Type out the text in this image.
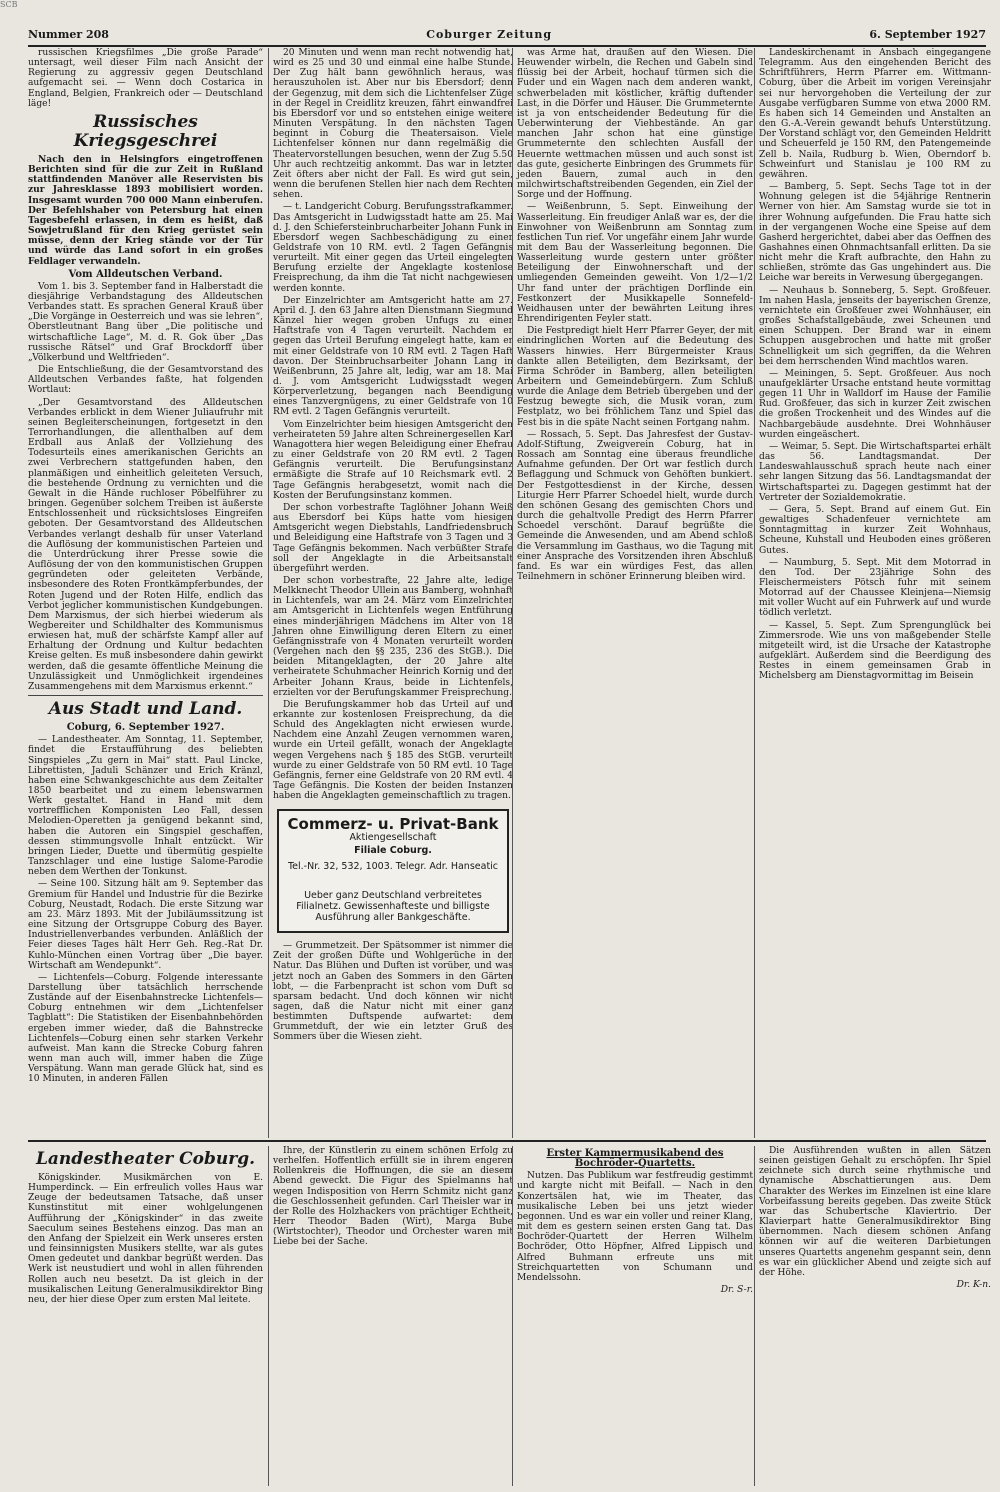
SCB
Nummer 208	Coburger Zeitung	6. September 1927

russischen Kriegsfilmes „Die große Parade“ untersagt, weil dieser Film nach Ansicht der Regierung zu aggressiv gegen Deutschland aufgemacht sei. — Wenn doch Costarica in England, Belgien, Frankreich oder — Deutschland läge!

Russisches Kriegsgeschrei

Nach den in Helsingfors eingetroffenen Berichten sind für die zur Zeit in Rußland stattfindenden Manöver alle Reservisten bis zur Jahresklasse 1893 mobilisiert worden. Insgesamt wurden 700 000 Mann einberufen. Der Befehlshaber von Petersburg hat einen Tagesbefehl erlassen, in dem es heißt, daß Sowjetrußland für den Krieg gerüstet sein müsse, denn der Krieg stände vor der Tür und würde das Land sofort in ein großes Feldlager verwandeln.

Vom Alldeutschen Verband.

Vom 1. bis 3. September fand in Halberstadt die diesjährige Verbandstagung des Alldeutschen Verbandes statt. Es sprachen General Krauß über „Die Vorgänge in Oesterreich und was sie lehren“, Oberstleutnant Bang über „Die politische und wirtschaftliche Lage“, M. d. R. Gok über „Das russische Rätsel“ und Graf Brockdorff über „Völkerbund und Weltfrieden“.

Die Entschließung, die der Gesamtvorstand des Alldeutschen Verbandes faßte, hat folgenden Wortlaut:

„Der Gesamtvorstand des Alldeutschen Verbandes erblickt in dem Wiener Juliaufruhr mit seinen Begleiterscheinungen, fortgesetzt in den Terrorhandlungen, die allenthalben auf dem Erdball aus Anlaß der Vollziehung des Todesurteils eines amerikanischen Gerichts an zwei Verbrechern stattgefunden haben, den planmäßigen und einheitlich geleiteten Versuch, die bestehende Ordnung zu vernichten und die Gewalt in die Hände ruchloser Pöbelführer zu bringen. Gegenüber solchem Treiben ist äußerste Entschlossenheit und rücksichtsloses Eingreifen geboten. Der Gesamtvorstand des Alldeutschen Verbandes verlangt deshalb für unser Vaterland die Auflösung der kommunistischen Parteien und die Unterdrückung ihrer Presse sowie die Auflösung der von den kommunistischen Gruppen gegründeten oder geleiteten Verbände, insbesondere des Roten Frontkämpferbundes, der Roten Jugend und der Roten Hilfe, endlich das Verbot jeglicher kommunistischen Kundgebungen. Dem Marxismus, der sich hierbei wiederum als Wegbereiter und Schildhalter des Kommunismus erwiesen hat, muß der schärfste Kampf aller auf Erhaltung der Ordnung und Kultur bedachten Kreise gelten. Es muß insbesondere dahin gewirkt werden, daß die gesamte öffentliche Meinung die Unzulässigkeit und Unmöglichkeit irgendeines Zusammengehens mit dem Marxismus erkennt.“

Aus Stadt und Land.
Coburg, 6. September 1927.

— Landestheater. Am Sonntag, 11. September, findet die Erstaufführung des beliebten Singspieles „Zu gern in Mai“ statt. Paul Lincke, Librettisten, Jaduli Schänzer und Erich Kränzl, haben eine Schwankgeschichte aus dem Zeitalter 1850 bearbeitet und zu einem lebenswarmen Werk gestaltet. Hand in Hand mit dem vortrefflichen Komponisten Leo Fall, dessen Melodien-Operetten ja genügend bekannt sind, haben die Autoren ein Singspiel geschaffen, dessen stimmungsvolle Inhalt entzückt. Wir bringen Lieder, Duette und übermütig gespielte Tanzschlager und eine lustige Salome-Parodie neben dem Werthen der Tonkunst.

— Seine 100. Sitzung hält am 9. September das Gremium für Handel und Industrie für die Bezirke Coburg, Neustadt, Rodach. Die erste Sitzung war am 23. März 1893. Mit der Jubiläumssitzung ist eine Sitzung der Ortsgruppe Coburg des Bayer. Industriellenverbandes verbunden. Anläßlich der Feier dieses Tages hält Herr Geh. Reg.-Rat Dr. Kuhlo-München einen Vortrag über „Die bayer. Wirtschaft am Wendepunkt“.

— Lichtenfels—Coburg. Folgende interessante Darstellung über tatsächlich herrschende Zustände auf der Eisenbahnstrecke Lichtenfels—Coburg entnehmen wir dem „Lichtenfelser Tagblatt“: Die Statistiken der Eisenbahnbehörden ergeben immer wieder, daß die Bahnstrecke Lichtenfels—Coburg einen sehr starken Verkehr aufweist. Man kann die Strecke Coburg fahren wenn man auch will, immer haben die Züge Verspätung. Wann man gerade Glück hat, sind es 10 Minuten, in anderen Fällen

20 Minuten und wenn man recht notwendig hat, wird es 25 und 30 und einmal eine halbe Stunde. Der Zug hält bann gewöhnlich heraus, was herauszuholen ist. Aber nur bis Ebersdorf; denn der Gegenzug, mit dem sich die Lichtenfelser Züge in der Regel in Creidlitz kreuzen, fährt einwandfrei bis Ebersdorf vor und so entstehen einige weitere Minuten Verspätung. In den nächsten Tagen beginnt in Coburg die Theatersaison. Viele Lichtenfelser können nur dann regelmäßig die Theatervorstellungen besuchen, wenn der Zug 5.50 Uhr auch rechtzeitig ankommt. Das war in letzter Zeit öfters aber nicht der Fall. Es wird gut sein, wenn die berufenen Stellen hier nach dem Rechten sehen.

— t. Landgericht Coburg. Berufungsstrafkammer. Das Amtsgericht in Ludwigsstadt hatte am 25. Mai d. J. den Schiefersteinbrucharbeiter Johann Funk in Ebersdorf wegen Sachbeschädigung zu einer Geldstrafe von 10 RM. evtl. 2 Tagen Gefängnis verurteilt. Mit einer gegen das Urteil eingelegten Berufung erzielte der Angeklagte kostenlose Freisprechung, da ihm die Tat nicht nachgewiesen werden konnte.

Der Einzelrichter am Amtsgericht hatte am 27. April d. J. den 63 Jahre alten Dienstmann Siegmund Känzel hier wegen groben Unfugs zu einer Haftstrafe von 4 Tagen verurteilt. Nachdem er gegen das Urteil Berufung eingelegt hatte, kam er mit einer Geldstrafe von 10 RM evtl. 2 Tagen Haft davon. Der Steinbruchsarbeiter Johann Lang in Weißenbrunn, 25 Jahre alt, ledig, war am 18. Mai d. J. vom Amtsgericht Ludwigsstadt wegen Körperverletzung, begangen nach Beendigung eines Tanzvergnügens, zu einer Geldstrafe von 10 RM evtl. 2 Tagen Gefängnis verurteilt.

Vom Einzelrichter beim hiesigen Amtsgericht den verheirateten 59 Jahre alten Schreinergesellen Karl Wanagottera hier wegen Beleidigung einer Ehefrau zu einer Geldstrafe von 20 RM evtl. 2 Tagen Gefängnis verurteilt. Die Berufungsinstanz ermäßigte die Strafe auf 10 Reichsmark evtl. 2 Tage Gefängnis herabgesetzt, womit nach die Kosten der Berufungsinstanz kommen.

Der schon vorbestrafte Taglöhner Johann Weiß aus Ebersdorf bei Küps hatte vom hiesigen Amtsgericht wegen Diebstahls, Landfriedensbruch und Beleidigung eine Haftstrafe von 3 Tagen und 3 Tage Gefängnis bekommen. Nach verbüßter Strafe soll der Angeklagte in die Arbeitsanstalt übergeführt werden.

Der schon vorbestrafte, 22 Jahre alte, ledige Melkknecht Theodor Ullein aus Bamberg, wohnhaft in Lichtenfels, war am 24. März vom Einzelrichter am Amtsgericht in Lichtenfels wegen Entführung eines minderjährigen Mädchens im Alter von 18 Jahren ohne Einwilligung deren Eltern zu einer Gefängnisstrafe von 4 Monaten verurteilt worden (Vergehen nach den §§ 235, 236 des StGB.). Die beiden Mitangeklagten, der 20 Jahre alte verheiratete Schuhmacher Heinrich Kornig und der Arbeiter Johann Kraus, beide in Lichtenfels, erzielten vor der Berufungskammer Freisprechung.

Die Berufungskammer hob das Urteil auf und erkannte zur kostenlosen Freisprechung, da die Schuld des Angeklagten nicht erwiesen wurde. Nachdem eine Anzahl Zeugen vernommen waren, wurde ein Urteil gefällt, wonach der Angeklagte wegen Vergehens nach § 185 des StGB. verurteilt wurde zu einer Geldstrafe von 50 RM evtl. 10 Tage Gefängnis, ferner eine Geldstrafe von 20 RM evtl. 4 Tage Gefängnis. Die Kosten der beiden Instanzen haben die Angeklagten gemeinschaftlich zu tragen.

Commerz- u. Privat-Bank
Aktiengesellschaft
Filiale Coburg.
Tel.-Nr. 32, 532, 1003. Telegr. Adr. Hanseatic
Ueber ganz Deutschland verbreitetes Filialnetz. Gewissenhafteste und billigste Ausführung aller Bankgeschäfte.

— Grummetzeit. Der Spätsommer ist nimmer die Zeit der großen Düfte und Wohlgerüche in der Natur. Das Blühen und Duften ist vorüber, und was jetzt noch an Gaben des Sommers in den Gärten lobt, — die Farbenpracht ist schon vom Duft so sparsam bedacht. Und doch können wir nicht sagen, daß die Natur nicht mit einer ganz bestimmten Duftspende aufwartet: dem Grummetduft, der wie ein letzter Gruß des Sommers über die Wiesen zieht.

was Arme hat, draußen auf den Wiesen. Die Heuwender wirbeln, die Rechen und Gabeln sind flüssig bei der Arbeit, hochauf türmen sich die Fuder und ein Wagen nach dem anderen wankt, schwerbeladen mit köstlicher, kräftig duftender Last, in die Dörfer und Häuser. Die Grummeternte ist ja von entscheidender Bedeutung für die Ueberwinterung der Viehbestände. An gar manchen Jahr schon hat eine günstige Grummeternte den schlechten Ausfall der Heuernte wettmachen müssen und auch sonst ist das gute, gesicherte Einbringen des Grummets für jeden Bauern, zumal auch in den milchwirtschaftstreibenden Gegenden, ein Ziel der Sorge und der Hoffnung.

— Weißenbrunn, 5. Sept. Einweihung der Wasserleitung. Ein freudiger Anlaß war es, der die Einwohner von Weißenbrunn am Sonntag zum festlichen Tun rief. Vor ungefähr einem Jahr wurde mit dem Bau der Wasserleitung begonnen. Die Wasserleitung wurde gestern unter größter Beteiligung der Einwohnerschaft und der umliegenden Gemeinden geweiht. Von 1/2—1/2 Uhr fand unter der prächtigen Dorflinde ein Festkonzert der Musikkapelle Sonnefeld-Weidhausen unter der bewährten Leitung ihres Ehrendirigenten Feyler statt.

Die Festpredigt hielt Herr Pfarrer Geyer, der mit eindringlichen Worten auf die Bedeutung des Wassers hinwies. Herr Bürgermeister Kraus dankte allen Beteiligten, dem Bezirksamt, der Firma Schröder in Bamberg, allen beteiligten Arbeitern und Gemeindebürgern. Zum Schluß wurde die Anlage dem Betrieb übergeben und der Festzug bewegte sich, die Musik voran, zum Festplatz, wo bei fröhlichem Tanz und Spiel das Fest bis in die späte Nacht seinen Fortgang nahm.

— Rossach, 5. Sept. Das Jahresfest der Gustav-Adolf-Stiftung, Zweigverein Coburg, hat in Rossach am Sonntag eine überaus freundliche Aufnahme gefunden. Der Ort war festlich durch Beflaggung und Schmuck von Gehöften bunkiert. Der Festgottesdienst in der Kirche, dessen Liturgie Herr Pfarrer Schoedel hielt, wurde durch den schönen Gesang des gemischten Chors und durch die gehaltvolle Predigt des Herrn Pfarrer Schoedel verschönt. Darauf begrüßte die Gemeinde die Anwesenden, und am Abend schloß die Versammlung im Gasthaus, wo die Tagung mit einer Ansprache des Vorsitzenden ihren Abschluß fand. Es war ein würdiges Fest, das allen Teilnehmern in schöner Erinnerung bleiben wird.

Landeskirchenamt in Ansbach eingegangene Telegramm. Aus den eingehenden Bericht des Schriftführers, Herrn Pfarrer em. Wittmann-Coburg, über die Arbeit im vorigen Vereinsjahr sei nur hervorgehoben die Verteilung der zur Ausgabe verfügbaren Summe von etwa 2000 RM. Es haben sich 14 Gemeinden und Anstalten an den G.-A.-Verein gewandt behufs Unterstützung. Der Vorstand schlägt vor, den Gemeinden Heldritt und Scheuerfeld je 150 RM, den Patengemeinde Zell b. Naila, Rudburg b. Wien, Oberndorf b. Schweinfurt und Stanislau je 100 RM zu gewähren.

— Bamberg, 5. Sept. Sechs Tage tot in der Wohnung gelegen ist die 54jährige Rentnerin Werner von hier. Am Samstag wurde sie tot in ihrer Wohnung aufgefunden. Die Frau hatte sich in der vergangenen Woche eine Speise auf dem Gasherd hergerichtet, dabei aber das Oeffnen des Gashahnes einen Ohnmachtsanfall erlitten. Da sie nicht mehr die Kraft aufbrachte, den Hahn zu schließen, strömte das Gas ungehindert aus. Die Leiche war bereits in Verwesung übergegangen.

— Neuhaus b. Sonneberg, 5. Sept. Großfeuer. Im nahen Hasla, jenseits der bayerischen Grenze, vernichtete ein Großfeuer zwei Wohnhäuser, ein großes Schafstallgebäude, zwei Scheunen und einen Schuppen. Der Brand war in einem Schuppen ausgebrochen und hatte mit großer Schnelligkeit um sich gegriffen, da die Wehren bei dem herrschenden Wind machtlos waren.

— Meiningen, 5. Sept. Großfeuer. Aus noch unaufgeklärter Ursache entstand heute vormittag gegen 11 Uhr in Walldorf im Hause der Familie Rud. Großfeuer, das sich in kurzer Zeit zwischen die großen Trockenheit und des Windes auf die Nachbargebäude ausdehnte. Drei Wohnhäuser wurden eingeäschert.

— Weimar, 5. Sept. Die Wirtschaftspartei erhält das 56. Landtagsmandat. Der Landeswahlausschuß sprach heute nach einer sehr langen Sitzung das 56. Landtagsmandat der Wirtschaftspartei zu. Dagegen gestimmt hat der Vertreter der Sozialdemokratie.

— Gera, 5. Sept. Brand auf einem Gut. Ein gewaltiges Schadenfeuer vernichtete am Sonntagmittag in kurzer Zeit Wohnhaus, Scheune, Kuhstall und Heuboden eines größeren Gutes.

— Naumburg, 5. Sept. Mit dem Motorrad in den Tod. Der 23jährige Sohn des Fleischermeisters Pötsch fuhr mit seinem Motorrad auf der Chaussee Kleinjena—Niemsig mit voller Wucht auf ein Fuhrwerk auf und wurde tödlich verletzt.

— Kassel, 5. Sept. Zum Sprengunglück bei Zimmersrode. Wie uns von maßgebender Stelle mitgeteilt wird, ist die Ursache der Katastrophe aufgeklärt. Außerdem sind die Beerdigung des Restes in einem gemeinsamen Grab in Michelsberg am Dienstagvormittag im Beisein

Landestheater Coburg.

Königskinder. Musikmärchen von E. Humperdinck. — Ein erfreulich volles Haus war Zeuge der bedeutsamen Tatsache, daß unser Kunstinstitut mit einer wohlgelungenen Aufführung der „Königskinder“ in das zweite Saeculum seines Bestehens einzog. Das man an den Anfang der Spielzeit ein Werk unseres ersten und feinsinnigsten Musikers stellte, war als gutes Omen gedeutet und dankbar begrüßt werden. Das Werk ist neustudiert und wohl in allen führenden Rollen auch neu besetzt. Da ist gleich in der musikalischen Leitung Generalmusikdirektor Bing neu, der hier diese Oper zum ersten Mal leitete.

Ihre, der Künstlerin zu einem schönen Erfolg zu verhelfen. Hoffentlich erfüllt sie in ihrem engeren Rollenkreis die Hoffnungen, die sie an diesem Abend geweckt. Die Figur des Spielmanns hat wegen Indisposition von Herrn Schmitz nicht ganz die Geschlossenheit gefunden. Carl Theisler war in der Rolle des Holzhackers von prächtiger Echtheit, Herr Theodor Baden (Wirt), Marga Bube (Wirtstochter), Theodor und Orchester waren mit Liebe bei der Sache.

Erster Kammermusikabend des Bochröder-Quartetts.

Nutzen. Das Publikum war festfreudig gestimmt und kargte nicht mit Beifall. — Nach in den Konzertsälen hat, wie im Theater, das musikalische Leben bei uns jetzt wieder begonnen. Und es war ein voller und reiner Klang, mit dem es gestern seinen ersten Gang tat. Das Bochröder-Quartett der Herren Wilhelm Bochröder, Otto Höpfner, Alfred Lippisch und Alfred Buhmann erfreute uns mit Streichquartetten von Schumann und Mendelssohn.

Dr. S-r.

Die Ausführenden wußten in allen Sätzen seinen geistigen Gehalt zu erschöpfen. Ihr Spiel zeichnete sich durch seine rhythmische und dynamische Abschattierungen aus. Dem Charakter des Werkes im Einzelnen ist eine klare Vorbeifassung bereits gegeben. Das zweite Stück war das Schubertsche Klaviertrio. Der Klavierpart hatte Generalmusikdirektor Bing übernommen. Nach diesem schönen Anfang können wir auf die weiteren Darbietungen unseres Quartetts angenehm gespannt sein, denn es war ein glücklicher Abend und zeigte sich auf der Höhe.

Dr. K-n.
